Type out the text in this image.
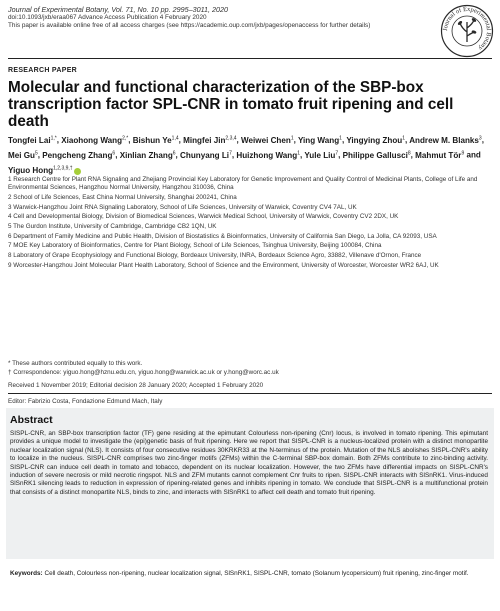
Journal of Experimental Botany, Vol. 71, No. 10 pp. 2995–3011, 2020
doi:10.1093/jxb/eraa067 Advance Access Publication 4 February 2020
This paper is available online free of all access charges (see https://academic.oup.com/jxb/pages/openaccess for further details)
Journal of Experimental Botany
RESEARCH PAPER
Molecular and functional characterization of the SBP-box transcription factor SPL-CNR in tomato fruit ripening and cell death
Tongfei Lai$^{1,*}$, Xiaohong Wang$^{2,*}$, Bishun Ye$^{1,4}$, Mingfei Jin$^{2,3,4}$, Weiwei Chen$^1$, Ying Wang$^1$, Yingying Zhou$^1$, Andrew M. Blanks$^3$, Mei Gu$^5$, Pengcheng Zhang$^6$, Xinlian Zhang$^6$, Chunyang Li$^7$, Huizhong Wang$^1$, Yule Liu$^7$, Philippe Gallusci$^8$, Mahmut Tör$^9$ and Yiguo Hong$^{1,2,3,9,\dagger}$

1 Research Centre for Plant RNA Signaling and Zhejiang Provincial Key Laboratory for Genetic Improvement and Quality Control of Medicinal Plants, College of Life and Environmental Sciences, Hangzhou Normal University, Hangzhou 310036, China

2 School of Life Sciences, East China Normal University, Shanghai 200241, China

3 Warwick-Hangzhou Joint RNA Signaling Laboratory, School of Life Sciences, University of Warwick, Coventry CV4 7AL, UK

4 Cell and Developmental Biology, Division of Biomedical Sciences, Warwick Medical School, University of Warwick, Coventry CV2 2DX, UK

5 The Gurdon Institute, University of Cambridge, Cambridge CB2 1QN, UK

6 Department of Family Medicine and Public Health, Division of Biostatistics & Bioinformatics, University of California San Diego, La Jolla, CA 92093, USA

7 MOE Key Laboratory of Bioinformatics, Centre for Plant Biology, School of Life Sciences, Tsinghua University, Beijing 100084, China

8 Laboratory of Grape Ecophysiology and Functional Biology, Bordeaux University, INRA, Bordeaux Science Agro, 33882, Villenave d'Ornon, France

9 Worcester-Hangzhou Joint Molecular Plant Health Laboratory, School of Science and the Environment, University of Worcester, Worcester WR2 6AJ, UK

* These authors contributed equally to this work.

† Correspondence: yiguo.hong@hznu.edu.cn, yiguo.hong@warwick.ac.uk or y.hong@worc.ac.uk

Received 1 November 2019; Editorial decision 28 January 2020; Accepted 1 February 2020
Editor: Fabrizio Costa, Fondazione Edmund Mach, Italy
Abstract
SISPL-CNR, an SBP-box transcription factor (TF) gene residing at the epimutant Colourless non-ripening (Cnr) locus, is involved in tomato ripening. This epimutant provides a unique model to investigate the (epi)genetic basis of fruit ripening. Here we report that SISPL-CNR is a nucleus-localized protein with a distinct monopartite nuclear localization signal (NLS). It consists of four consecutive residues 30KRKR33 at the N-terminus of the protein. Mutation of the NLS abolishes SISPL-CNR's ability to localize in the nucleus. SISPL-CNR comprises two zinc-finger motifs (ZFMs) within the C-terminal SBP-box domain. Both ZFMs contribute to zinc-binding activity. SISPL-CNR can induce cell death in tomato and tobacco, dependent on its nuclear localization. However, the two ZFMs have differential impacts on SISPL-CNR's induction of severe necrosis or mild necrotic ringspot. NLS and ZFM mutants cannot complement Cnr fruits to ripen. SISPL-CNR interacts with SlSnRK1. Virus-induced SlSnRK1 silencing leads to reduction in expression of ripening-related genes and inhibits ripening in tomato. We conclude that SISPL-CNR is a multifunctional protein that consists of a distinct monopartite NLS, binds to zinc, and interacts with SlSnRK1 to affect cell death and tomato fruit ripening.
Keywords: Cell death, Colourless non-ripening, nuclear localization signal, SlSnRK1, SISPL-CNR, tomato (Solanum lycopersicum) fruit ripening, zinc-finger motif.
